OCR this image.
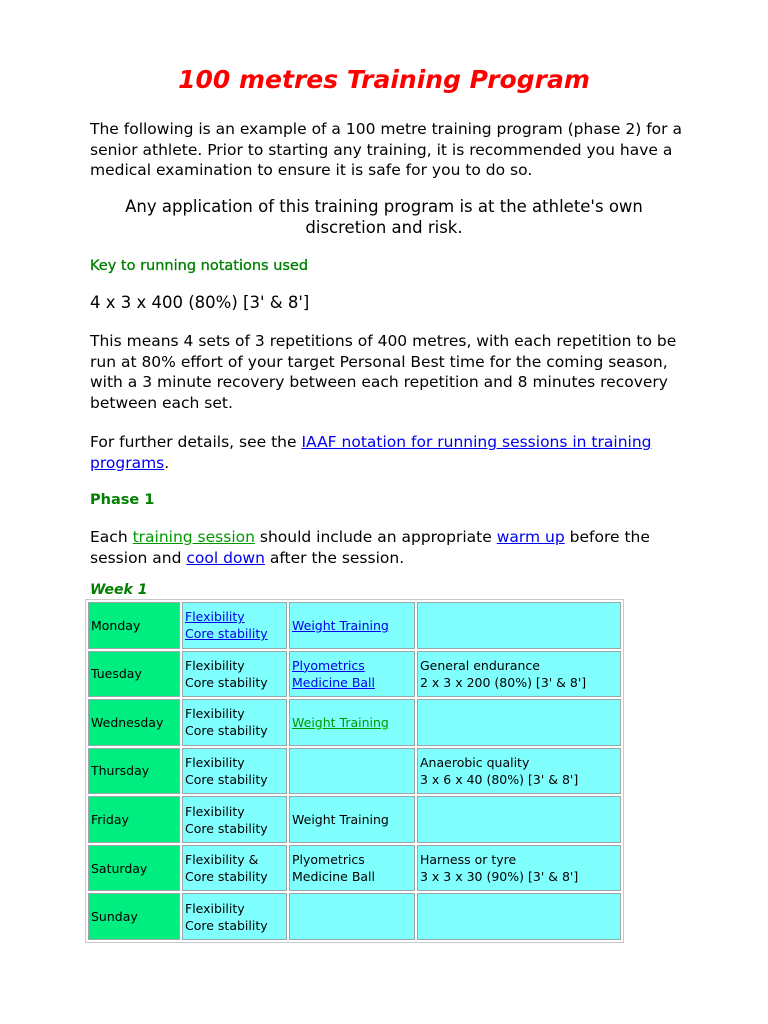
100 metres Training Program
The following is an example of a 100 metre training program (phase 2) for a senior athlete. Prior to starting any training, it is recommended you have a medical examination to ensure it is safe for you to do so.
Any application of this training program is at the athlete's own discretion and risk.
Key to running notations used
4 x 3 x 400 (80%) [3' & 8']
This means 4 sets of 3 repetitions of 400 metres, with each repetition to be run at 80% effort of your target Personal Best time for the coming season, with a 3 minute recovery between each repetition and 8 minutes recovery between each set.
For further details, see the IAAF notation for running sessions in training programs.
Phase 1
Each training session should include an appropriate warm up before the session and cool down after the session.
Week 1
Monday	Flexibility
Core stability	Weight Training	

Tuesday	Flexibility
Core stability	Plyometrics
Medicine Ball	General endurance
2 x 3 x 200 (80%) [3' & 8']

Wednesday	Flexibility
Core stability	Weight Training	

Thursday	Flexibility
Core stability		Anaerobic quality
3 x 6 x 40 (80%) [3' & 8']

Friday	Flexibility
Core stability	Weight Training	

Saturday	Flexibility &
Core stability	Plyometrics
Medicine Ball	Harness or tyre
3 x 3 x 30 (90%) [3' & 8']

Sunday	Flexibility
Core stability		
